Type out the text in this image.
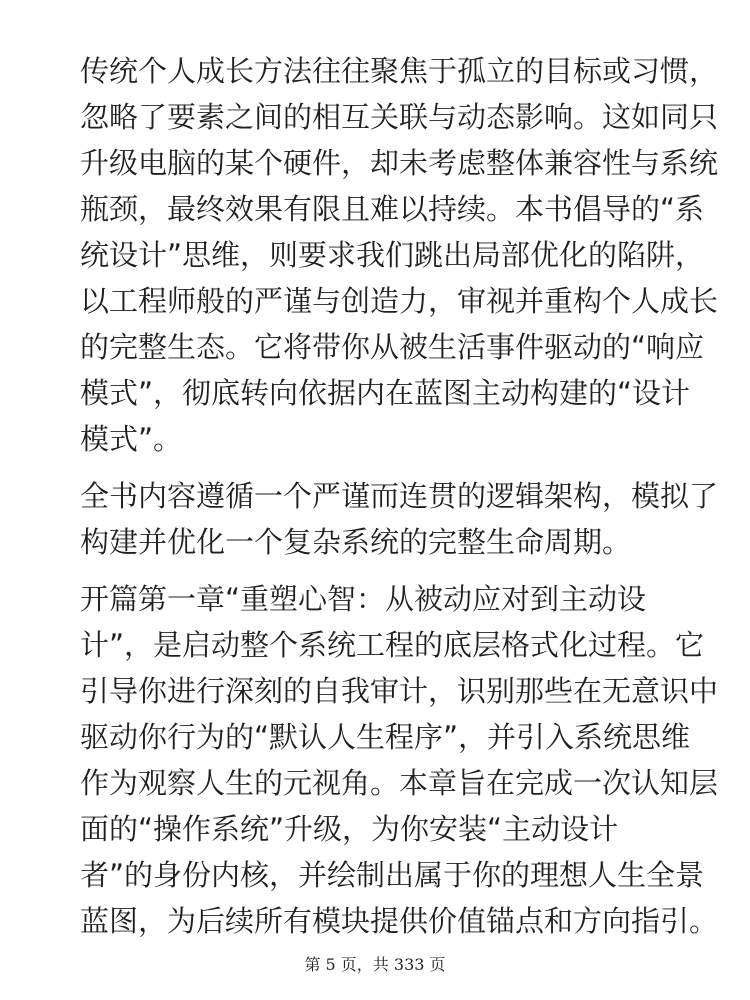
传统个人成长方法往往聚焦于孤立的目标或习惯，
忽略了要素之间的相互关联与动态影响。这如同只
升级电脑的某个硬件，却未考虑整体兼容性与系统
瓶颈，最终效果有限且难以持续。本书倡导的“系
统设计”思维，则要求我们跳出局部优化的陷阱，
以工程师般的严谨与创造力，审视并重构个人成长
的完整生态。它将带你从被生活事件驱动的“响应
模式”，彻底转向依据内在蓝图主动构建的“设计
模式”。

全书内容遵循一个严谨而连贯的逻辑架构，模拟了
构建并优化一个复杂系统的完整生命周期。

开篇第一章“重塑心智：从被动应对到主动设
计”，是启动整个系统工程的底层格式化过程。它
引导你进行深刻的自我审计，识别那些在无意识中
驱动你行为的“默认人生程序”，并引入系统思维
作为观察人生的元视角。本章旨在完成一次认知层
面的“操作系统”升级，为你安装“主动设计
者”的身份内核，并绘制出属于你的理想人生全景
蓝图，为后续所有模块提供价值锚点和方向指引。

第 5 页，共 333 页
